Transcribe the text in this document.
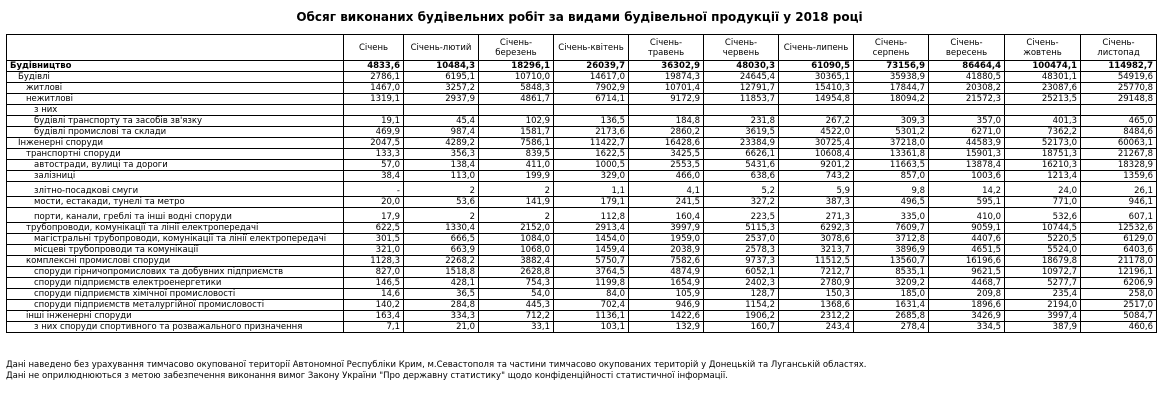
Обсяг виконаних будівельних робіт за видами будівельної продукції у 2018 році
	Січень	Січень-лютий	Січень-березень	Січень-квітень	Січень-травень	Січень-червень	Січень-липень	Січень-серпень	Січень-вересень	Січень-жовтень	Січень-листопад
Будівництво	4833,6	10484,3	18296,1	26039,7	36302,9	48030,3	61090,5	73156,9	86464,4	100474,1	114982,7
Будівлі	2786,1	6195,1	10710,0	14617,0	19874,3	24645,4	30365,1	35938,9	41880,5	48301,1	54919,6
житлові	1467,0	3257,2	5848,3	7902,9	10701,4	12791,7	15410,3	17844,7	20308,2	23087,6	25770,8
нежитлові	1319,1	2937,9	4861,7	6714,1	9172,9	11853,7	14954,8	18094,2	21572,3	25213,5	29148,8
з них											
будівлі транспорту та засобів зв'язку	19,1	45,4	102,9	136,5	184,8	231,8	267,2	309,3	357,0	401,3	465,0
будівлі промислові та склади	469,9	987,4	1581,7	2173,6	2860,2	3619,5	4522,0	5301,2	6271,0	7362,2	8484,6
Інженерні споруди	2047,5	4289,2	7586,1	11422,7	16428,6	23384,9	30725,4	37218,0	44583,9	52173,0	60063,1
транспортні споруди	133,3	356,3	839,5	1622,5	3425,5	6626,1	10608,4	13361,8	15901,3	18751,3	21267,8
автостради, вулиці та дороги	57,0	138,4	411,0	1000,5	2553,5	5431,6	9201,2	11663,5	13878,4	16210,3	18328,9
залізниці	38,4	113,0	199,9	329,0	466,0	638,6	743,2	857,0	1003,6	1213,4	1359,6
злітно-посадкові смуги	-	2	2	1,1	4,1	5,2	5,9	9,8	14,2	24,0	26,1
мости, естакади, тунелі та метро	20,0	53,6	141,9	179,1	241,5	327,2	387,3	496,5	595,1	771,0	946,1
порти, канали, греблі та інші водні споруди	17,9	2	2	112,8	160,4	223,5	271,3	335,0	410,0	532,6	607,1
трубопроводи, комунікації та лінії електропередачі	622,5	1330,4	2152,0	2913,4	3997,9	5115,3	6292,3	7609,7	9059,1	10744,5	12532,6
магістральні трубопроводи, комунікації та лінії електропередачі	301,5	666,5	1084,0	1454,0	1959,0	2537,0	3078,6	3712,8	4407,6	5220,5	6129,0
місцеві трубопроводи та комунікації	321,0	663,9	1068,0	1459,4	2038,9	2578,3	3213,7	3896,9	4651,5	5524,0	6403,6
комплексні промислові споруди	1128,3	2268,2	3882,4	5750,7	7582,6	9737,3	11512,5	13560,7	16196,6	18679,8	21178,0
споруди гірничопромислових та добувних підприємств	827,0	1518,8	2628,8	3764,5	4874,9	6052,1	7212,7	8535,1	9621,5	10972,7	12196,1
споруди підприємств електроенергетики	146,5	428,1	754,3	1199,8	1654,9	2402,3	2780,9	3209,2	4468,7	5277,7	6206,9
споруди підприємств хімічної промисловості	14,6	36,5	54,0	84,0	105,9	128,7	150,3	185,0	209,8	235,4	258,0
споруди підприємств металургійної промисловості	140,2	284,8	445,3	702,4	946,9	1154,2	1368,6	1631,4	1896,6	2194,0	2517,0
інші інженерні споруди	163,4	334,3	712,2	1136,1	1422,6	1906,2	2312,2	2685,8	3426,9	3997,4	5084,7
з них споруди спортивного та розважального призначення	7,1	21,0	33,1	103,1	132,9	160,7	243,4	278,4	334,5	387,9	460,6
Дані наведено без урахування тимчасово окупованої території Автономної Республіки Крим, м.Севастополя та частини тимчасово окупованих територій у Донецькій та Луганській областях.
Дані не оприлюднюються з метою забезпечення виконання вимог Закону України "Про державну статистику" щодо конфіденційності статистичної інформації.
